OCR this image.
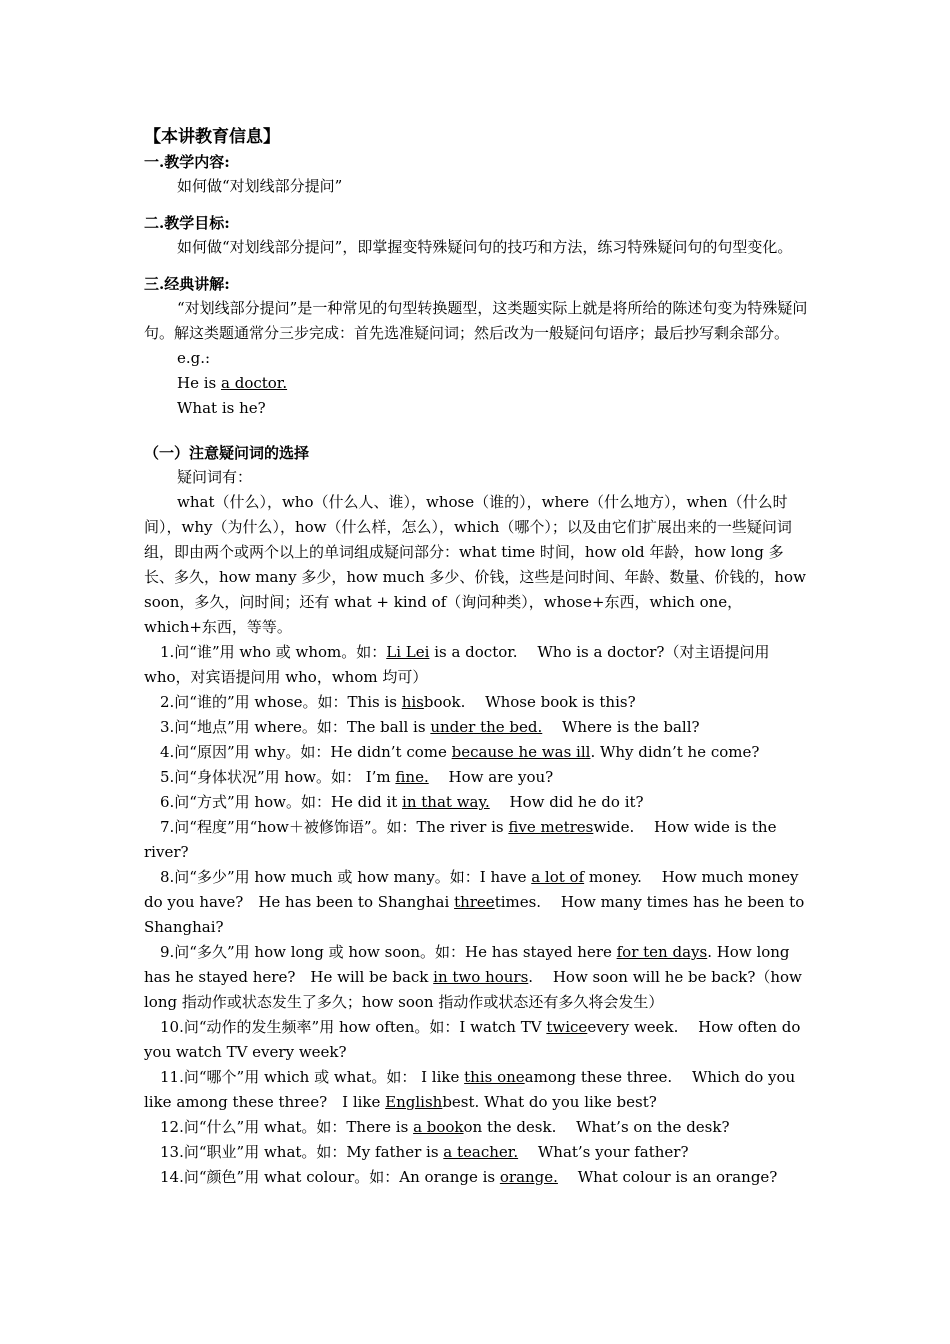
【本讲教育信息】
一.教学内容:

如何做“对划线部分提问”

二.教学目标:

如何做“对划线部分提问”，即掌握变特殊疑问句的技巧和方法，练习特殊疑问句的句型变化。

三.经典讲解:

“对划线部分提问”是一种常见的句型转换题型，这类题实际上就是将所给的陈述句变为特殊疑问句。解这类题通常分三步完成：首先选准疑问词；然后改为一般疑问句语序；最后抄写剩余部分。

e.g.:

He is a doctor.

What is he?

（一）注意疑问词的选择

疑问词有：

what（什么），who（什么人、谁），whose（谁的），where（什么地方），when（什么时间），why（为什么），how（什么样，怎么），which（哪个）；以及由它们扩展出来的一些疑问词组，即由两个或两个以上的单词组成疑问部分：what time 时间，how old 年龄，how long 多长、多久，how many 多少，how much 多少、价钱，这些是问时间、年龄、数量、价钱的，how soon，多久，问时间；还有 what + kind of（询问种类），whose+东西，which one，which+东西，等等。

1.问“谁”用 who 或 whom。如：Li Lei is a doctor.　 Who is a doctor?（对主语提问用 who，对宾语提问用 who，whom 均可）

2.问“谁的”用 whose。如：This is hisbook.　 Whose book is this?

3.问“地点”用 where。如：The ball is under the bed.　 Where is the ball?

4.问“原因”用 why。如：He didn’t come because he was ill. Why didn’t he come?

5.问“身体状况”用 how。如： I’m fine.　 How are you?

6.问“方式”用 how。如：He did it in that way.　 How did he do it?

7.问“程度”用“how＋被修饰语”。如：The river is five metreswide.　 How wide is the river?

8.问“多少”用 how much 或 how many。如：I have a lot of money.　 How much money do you have?　He has been to Shanghai threetimes.　 How many times has he been to Shanghai?

9.问“多久”用 how long 或 how soon。如：He has stayed here for ten days. How long has he stayed here?　He will be back in two hours.　 How soon will he be back?（how long 指动作或状态发生了多久；how soon 指动作或状态还有多久将会发生）

10.问“动作的发生频率”用 how often。如：I watch TV twiceevery week.　 How often do you watch TV every week?

11.问“哪个”用 which 或 what。如： I like this oneamong these three.　 Which do you like among these three?　I like Englishbest. What do you like best?

12.问“什么”用 what。如：There is a bookon the desk.　 What’s on the desk?

13.问“职业”用 what。如：My father is a teacher.　 What’s your father?

14.问“颜色”用 what colour。如：An orange is orange.　 What colour is an orange?
